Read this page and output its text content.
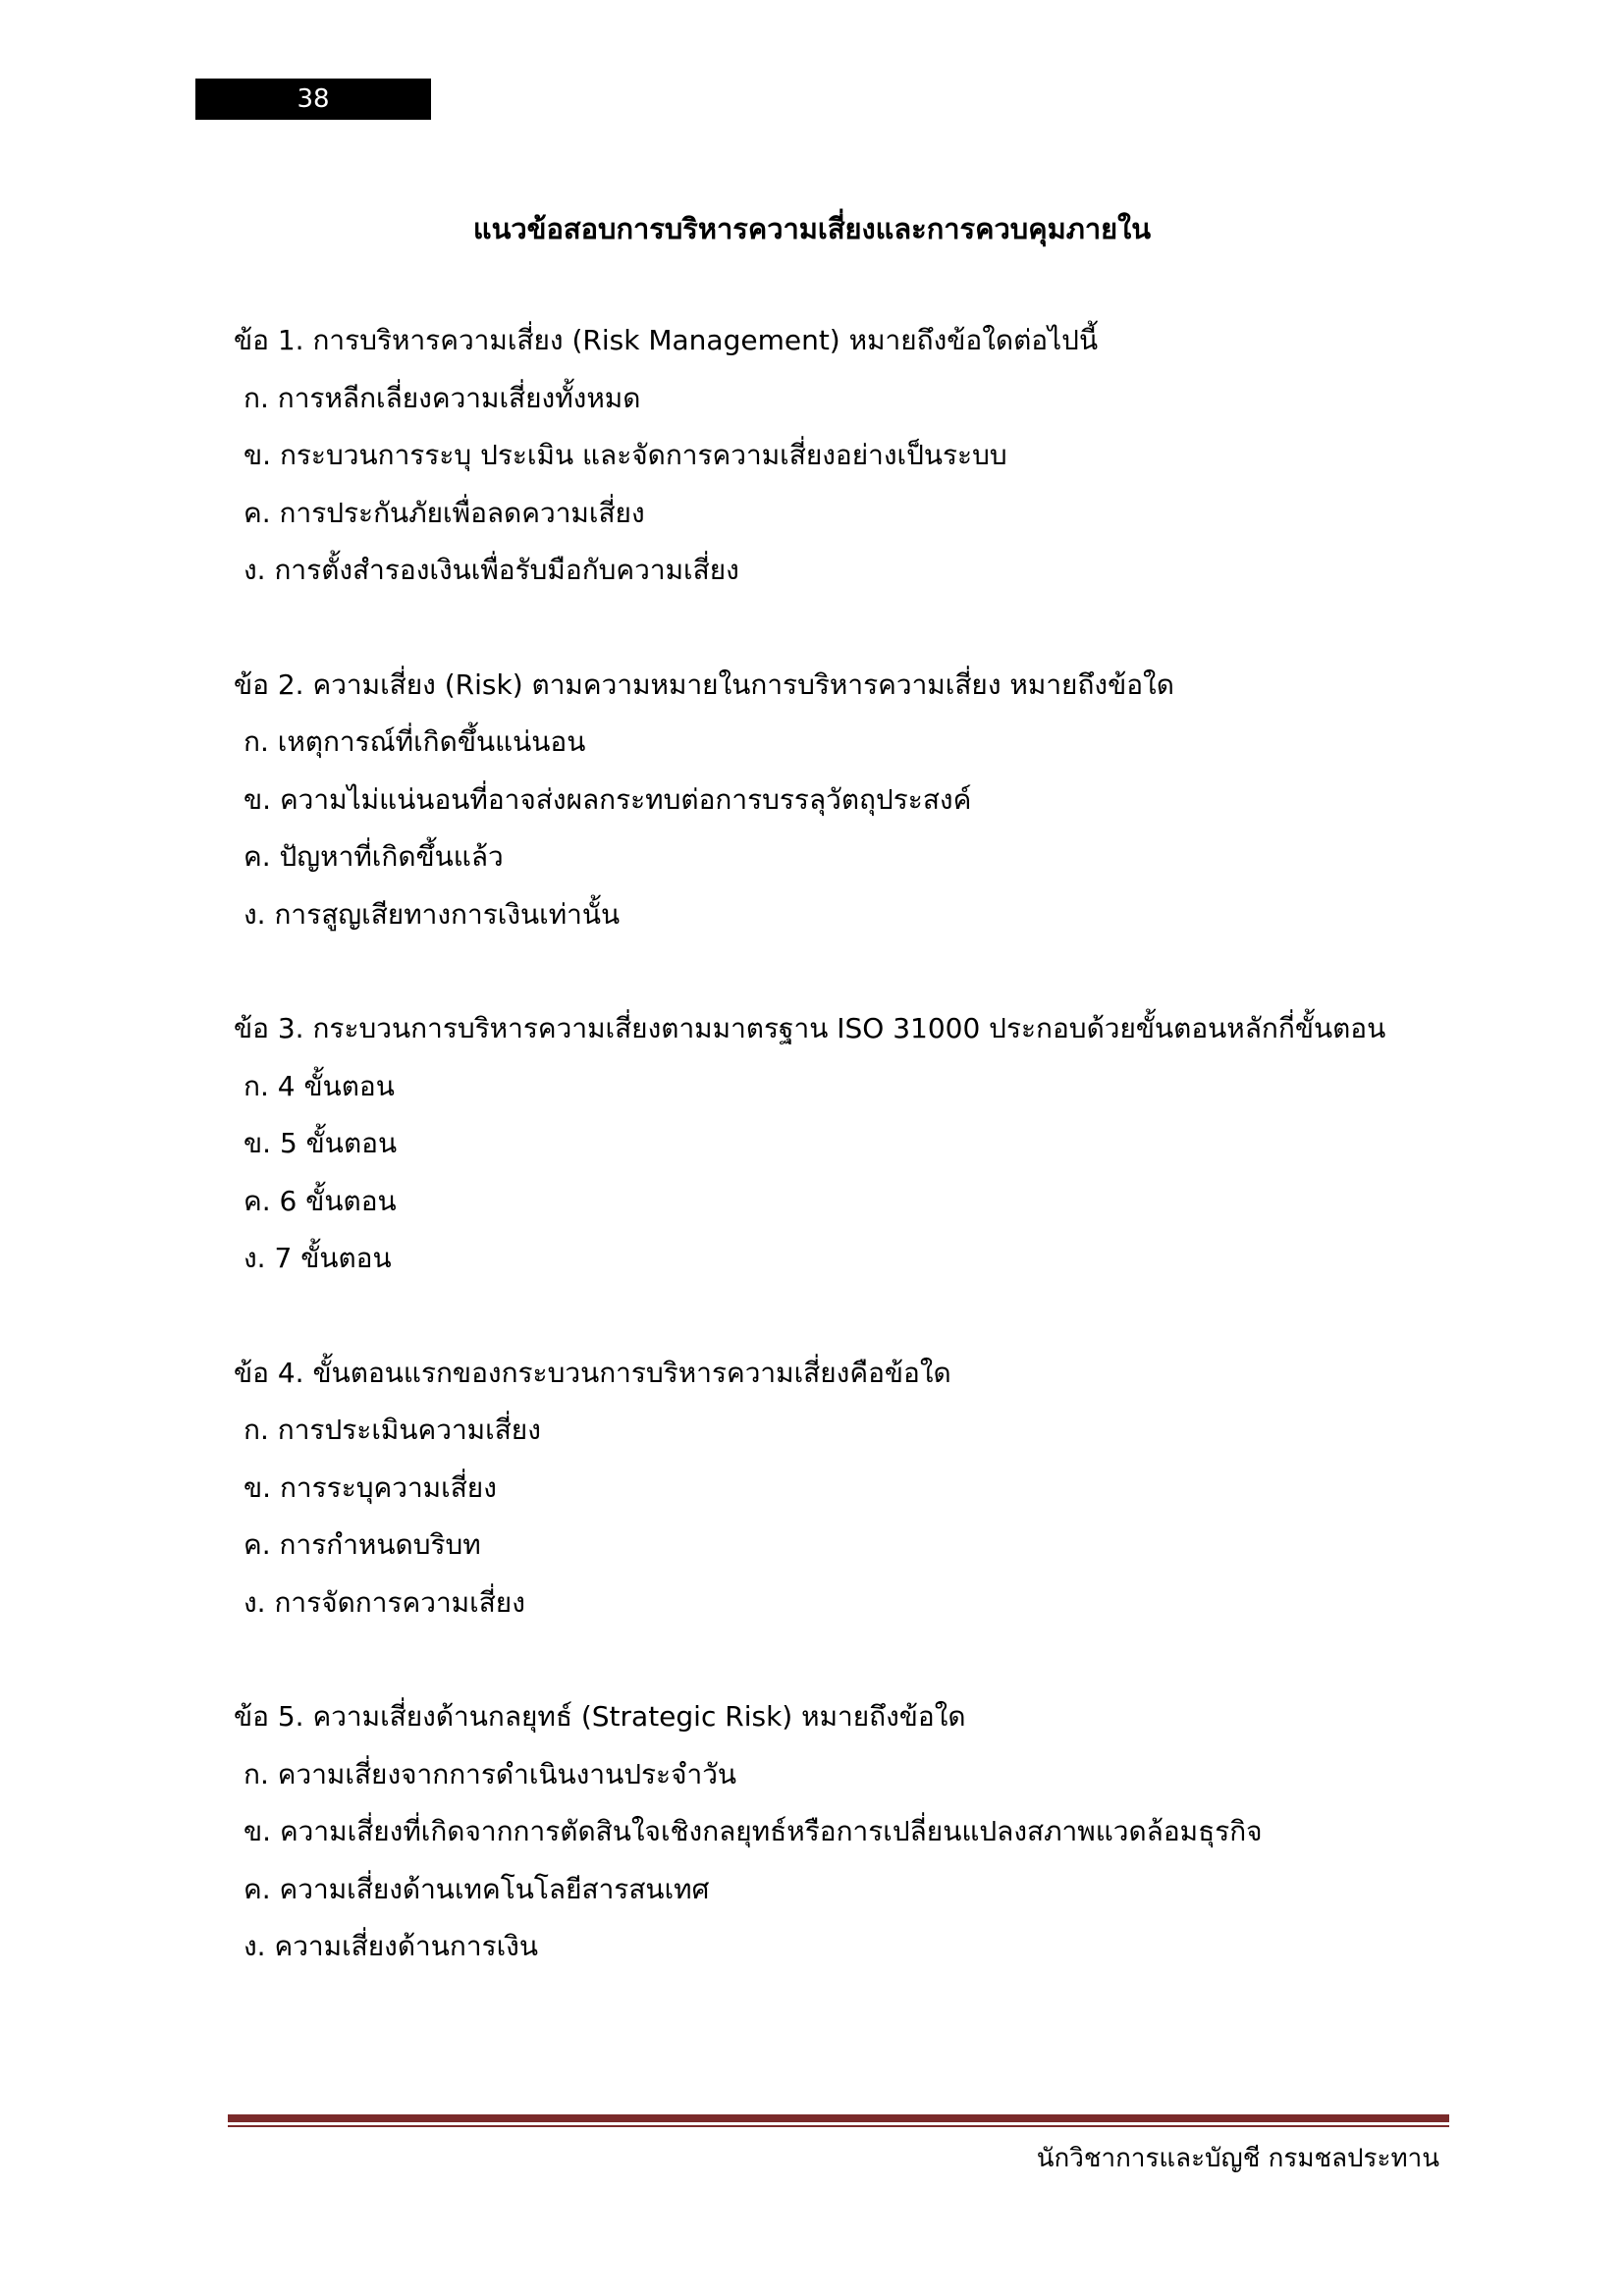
38
แนวข้อสอบการบริหารความเสี่ยงและการควบคุมภายใน
ข้อ 1. การบริหารความเสี่ยง (Risk Management) หมายถึงข้อใดต่อไปนี้
ก. การหลีกเลี่ยงความเสี่ยงทั้งหมด
ข. กระบวนการระบุ ประเมิน และจัดการความเสี่ยงอย่างเป็นระบบ
ค. การประกันภัยเพื่อลดความเสี่ยง
ง. การตั้งสำรองเงินเพื่อรับมือกับความเสี่ยง
ข้อ 2. ความเสี่ยง (Risk) ตามความหมายในการบริหารความเสี่ยง หมายถึงข้อใด
ก. เหตุการณ์ที่เกิดขึ้นแน่นอน
ข. ความไม่แน่นอนที่อาจส่งผลกระทบต่อการบรรลุวัตถุประสงค์
ค. ปัญหาที่เกิดขึ้นแล้ว
ง. การสูญเสียทางการเงินเท่านั้น
ข้อ 3. กระบวนการบริหารความเสี่ยงตามมาตรฐาน ISO 31000 ประกอบด้วยขั้นตอนหลักกี่ขั้นตอน
ก. 4 ขั้นตอน
ข. 5 ขั้นตอน
ค. 6 ขั้นตอน
ง. 7 ขั้นตอน
ข้อ 4. ขั้นตอนแรกของกระบวนการบริหารความเสี่ยงคือข้อใด
ก. การประเมินความเสี่ยง
ข. การระบุความเสี่ยง
ค. การกำหนดบริบท
ง. การจัดการความเสี่ยง
ข้อ 5. ความเสี่ยงด้านกลยุทธ์ (Strategic Risk) หมายถึงข้อใด
ก. ความเสี่ยงจากการดำเนินงานประจำวัน
ข. ความเสี่ยงที่เกิดจากการตัดสินใจเชิงกลยุทธ์หรือการเปลี่ยนแปลงสภาพแวดล้อมธุรกิจ
ค. ความเสี่ยงด้านเทคโนโลยีสารสนเทศ
ง. ความเสี่ยงด้านการเงิน
นักวิชาการและบัญชี กรมชลประทาน
